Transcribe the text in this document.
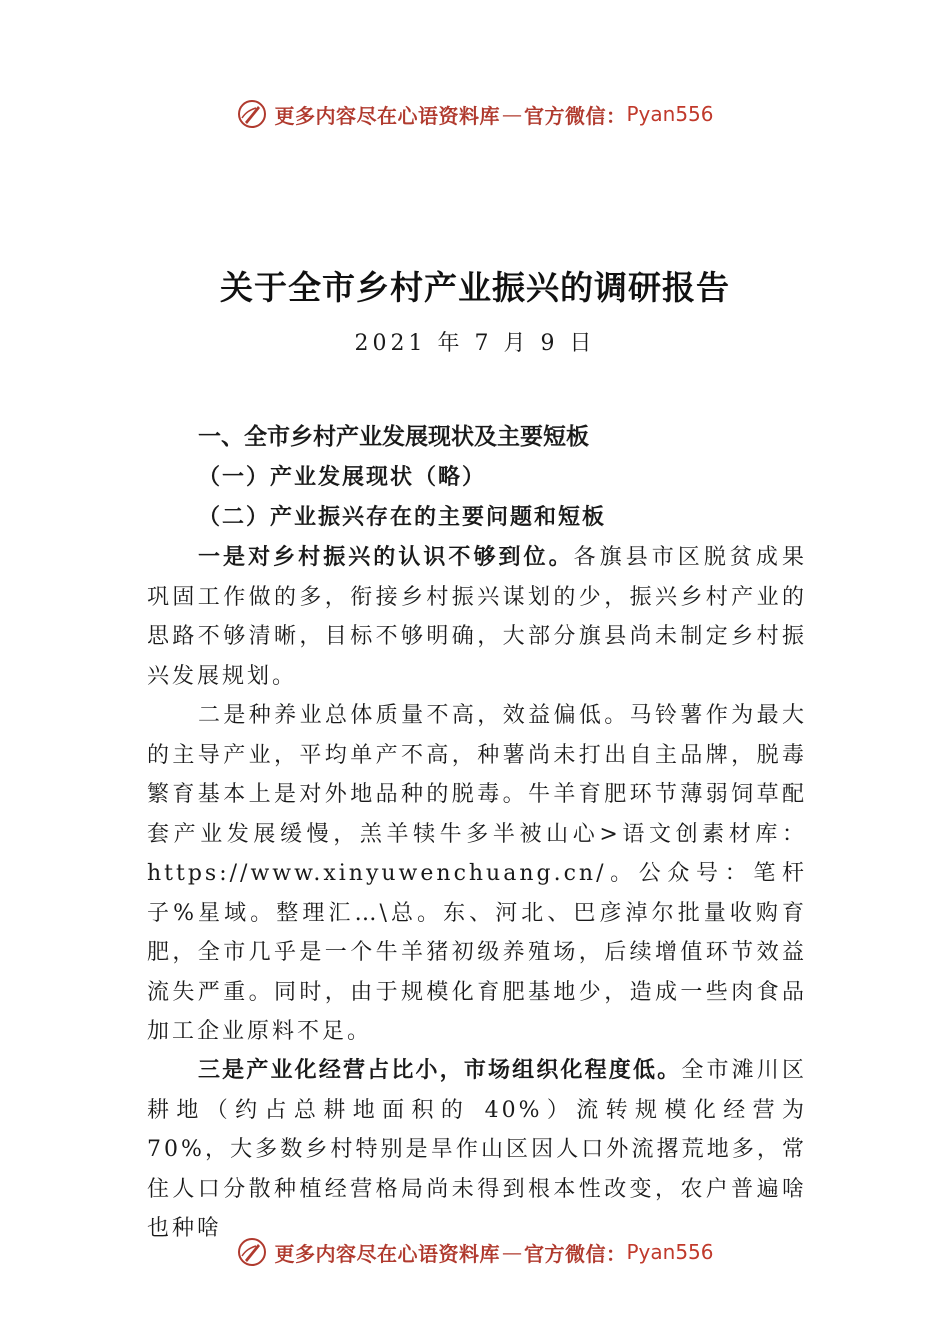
更多内容尽在心语资料库 — 官方微信： Pyan556
关于全市乡村产业振兴的调研报告
2021 年 7 月 9 日
一、全市乡村产业发展现状及主要短板
（一）产业发展现状（略）
（二）产业振兴存在的主要问题和短板

一是对乡村振兴的认识不够到位。各旗县市区脱贫成果巩固工作做的多，衔接乡村振兴谋划的少，振兴乡村产业的思路不够清晰，目标不够明确，大部分旗县尚未制定乡村振兴发展规划。

二是种养业总体质量不高，效益偏低。马铃薯作为最大 的主导产业，平均单产不高，种薯尚未打出自主品牌，脱毒繁育基本上是对外地品种的脱毒。牛羊育肥环节薄弱饲草配套产业发展缓慢，羔羊犊牛多半被山心>语文创素材库：https://www.xinyuwenchuang.cn/。公众号：笔杆子%星域。整理汇…\总。东、河北、巴彦淖尔批量收购育肥，全市几乎是一个牛羊猪初级养殖场，后续增值环节效益流失严重。同时，由于规模化育肥基地少，造成一些肉食品加工企业原料不足。

三是产业化经营占比小，市场组织化程度低。全市滩川区耕地（约占总耕地面积的 40%）流转规模化经营为 70%，大多数乡村特别是旱作山区因人口外流撂荒地多，常住人口分散种植经营格局尚未得到根本性改变，农户普遍啥也种啥

更多内容尽在心语资料库 — 官方微信： Pyan556
